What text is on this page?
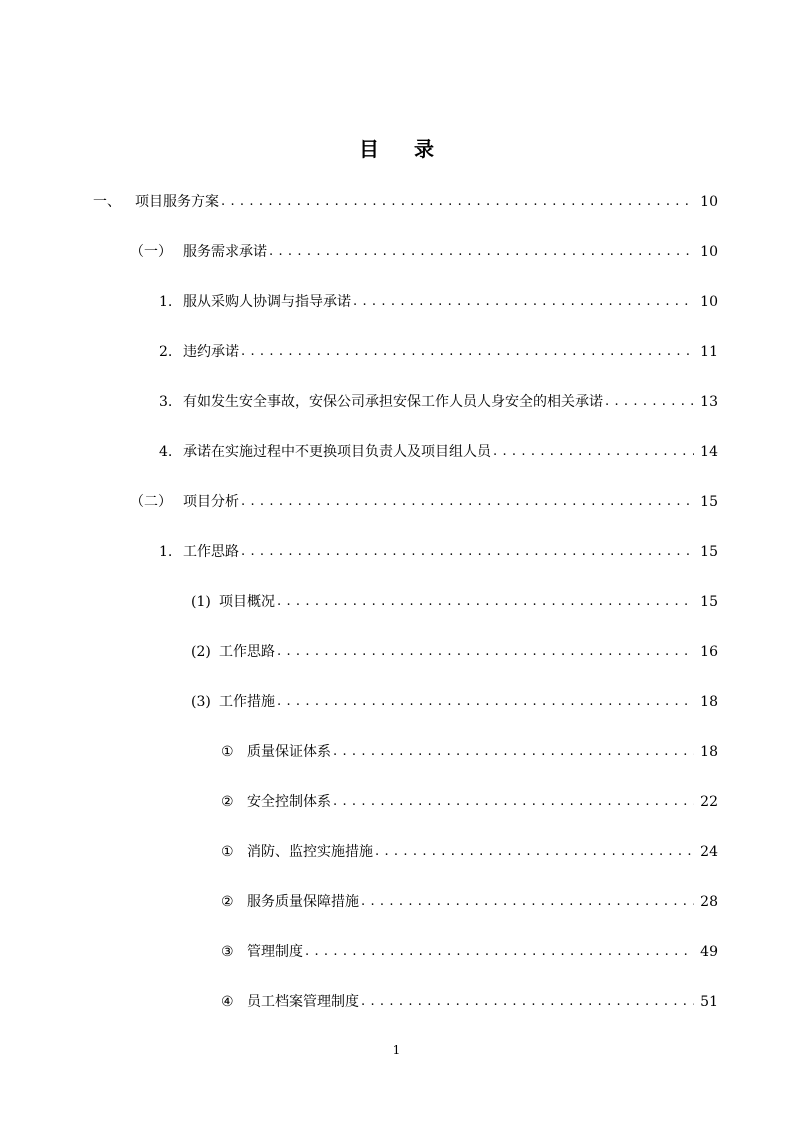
目 录
一、	项目服务方案 . . .	10
（一） 服务需求承诺 . . .	10
1. 服从采购人协调与指导承诺 . . .	10
2. 违约承诺 . . .	11
3. 有如发生安全事故，安保公司承担安保工作人员人身安全的相关承诺 . . .	13
4. 承诺在实施过程中不更换项目负责人及项目组人员 . . .	14
（二） 项目分析 . . .	15
1. 工作思路 . . .	15
(1) 项目概况 . . .	15
(2) 工作思路 . . .	16
(3) 工作措施 . . .	18
① 质量保证体系 . . .	18
② 安全控制体系 . . .	22
① 消防、监控实施措施 . . .	24
② 服务质量保障措施 . . .	28
③ 管理制度 . . .	49
④ 员工档案管理制度 . . .	51
1
